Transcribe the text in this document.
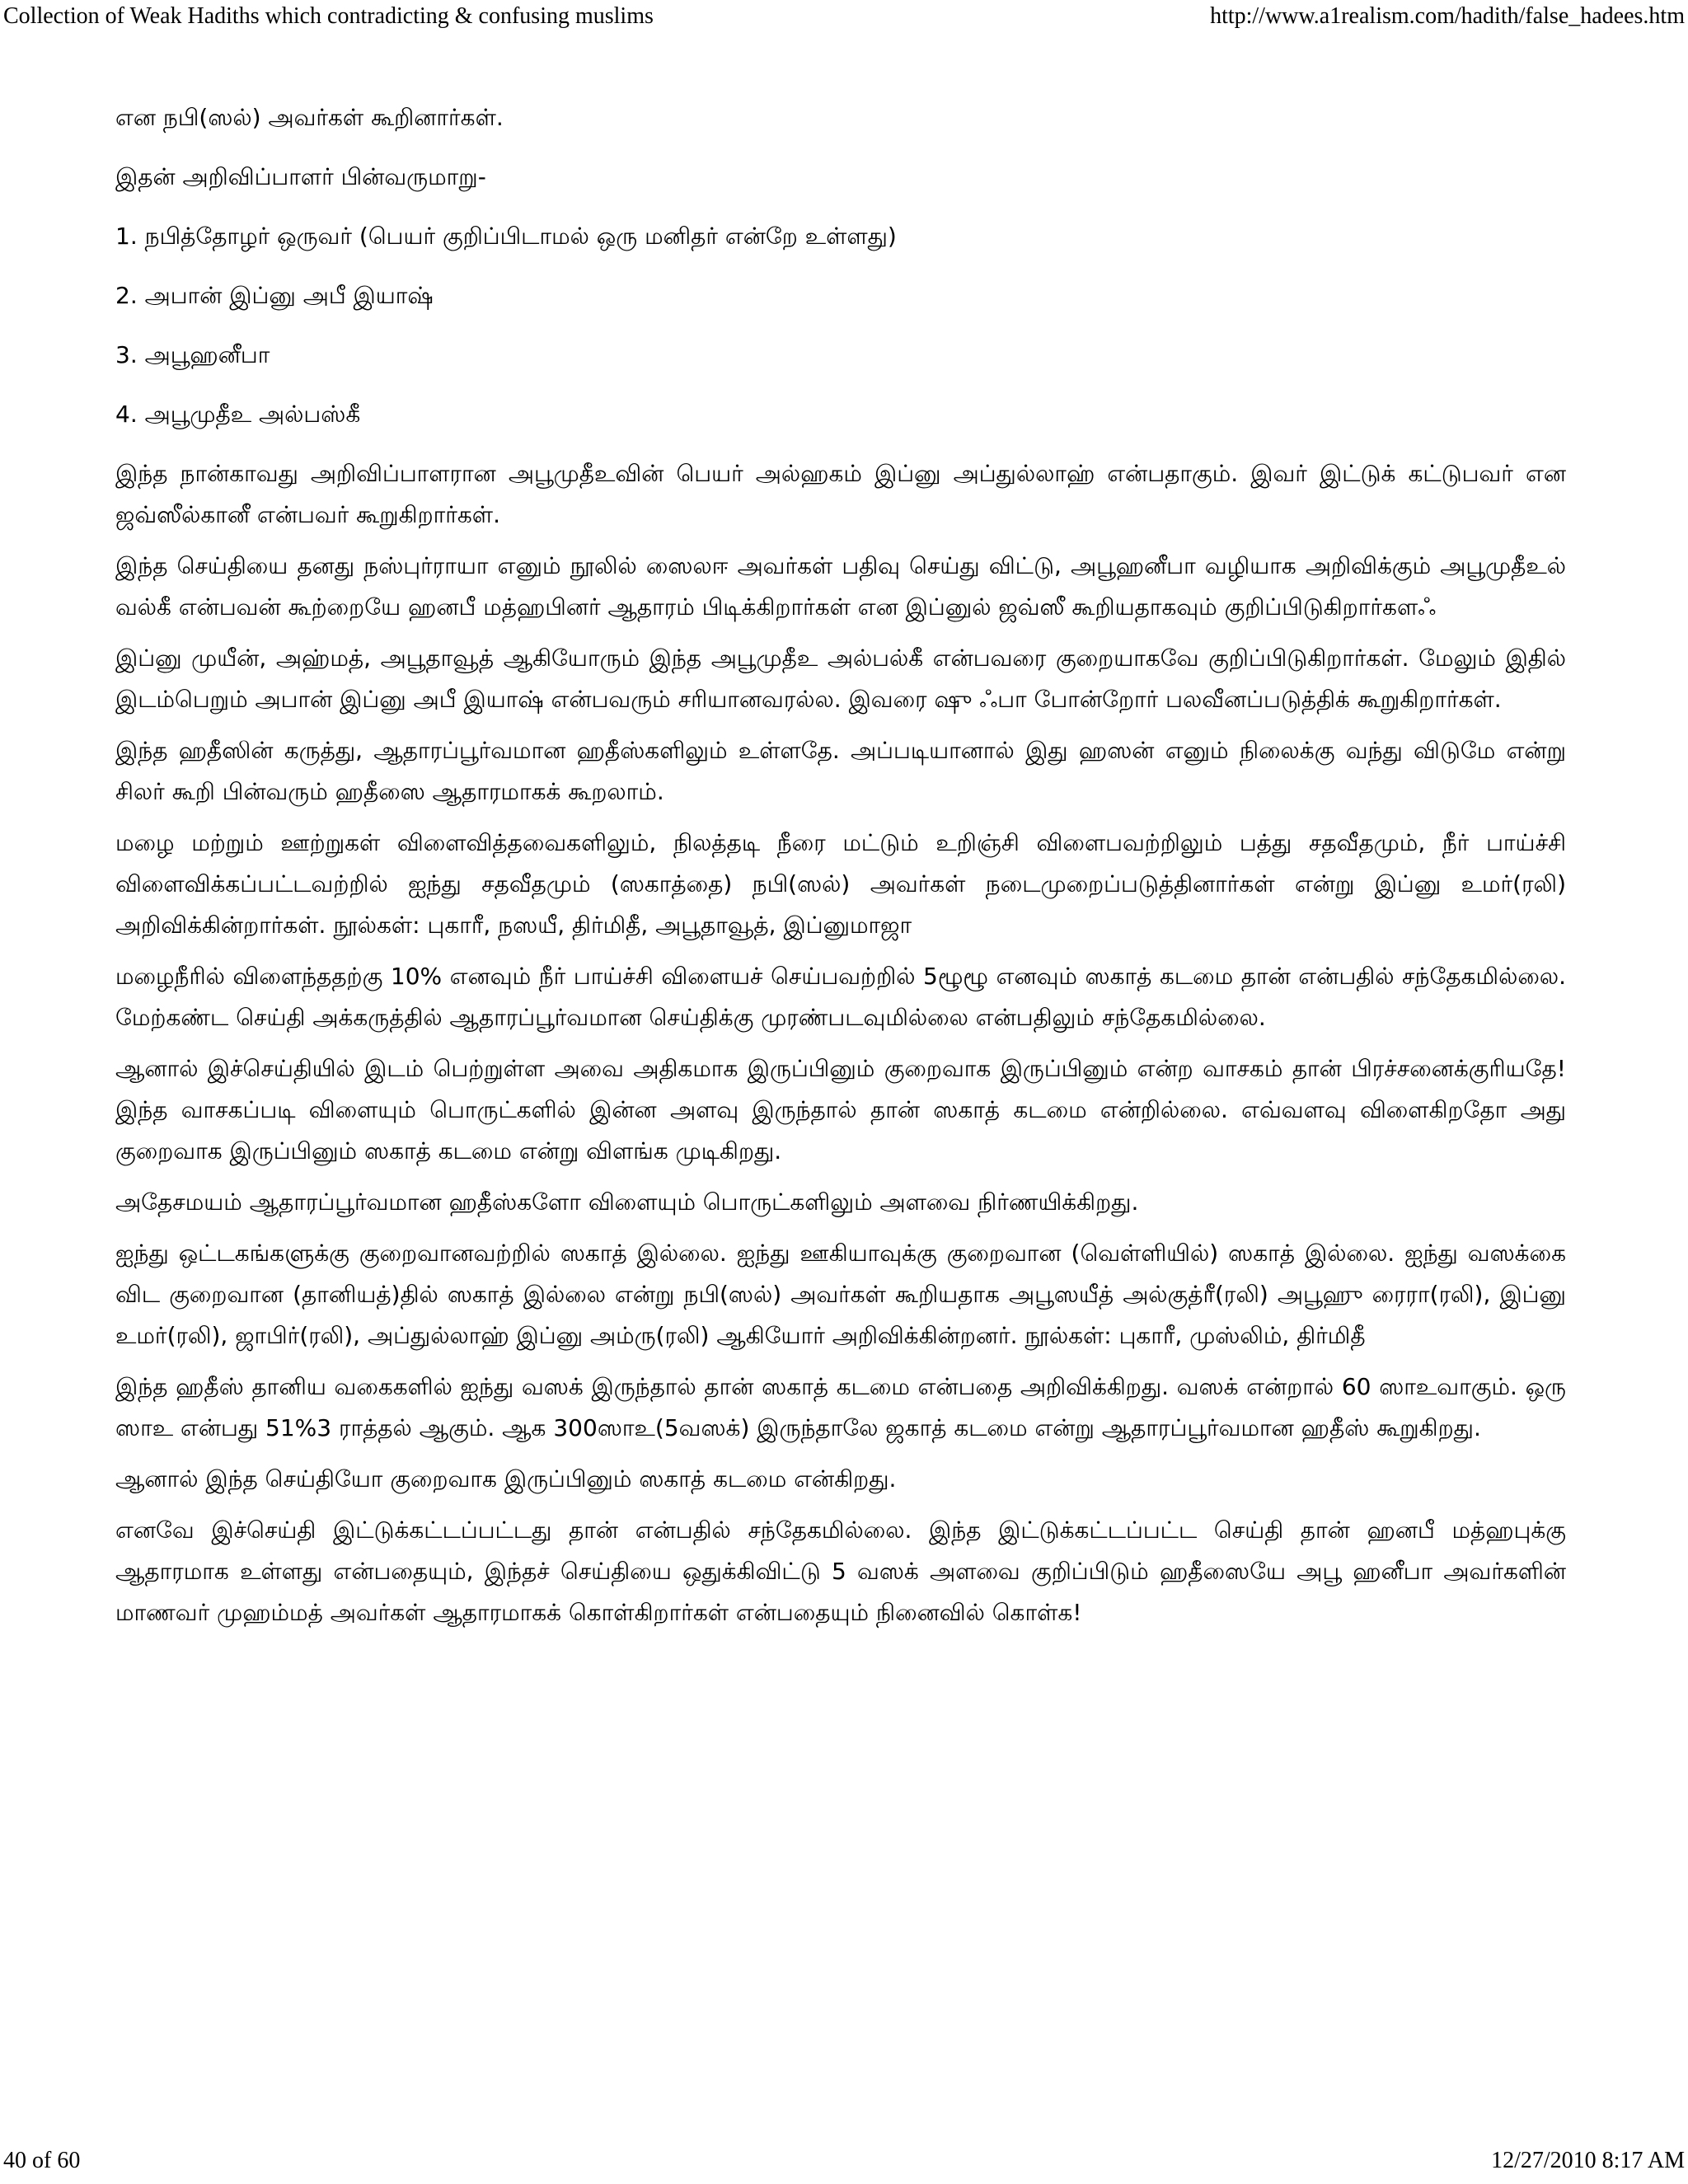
Collection of Weak Hadiths which contradicting & confusing muslims	http://www.a1realism.com/hadith/false_hadees.htm

என நபி(ஸல்) அவர்கள் கூறினார்கள்.

இதன் அறிவிப்பாளர் பின்வருமாறு-

1. நபித்தோழர் ஒருவர் (பெயர் குறிப்பிடாமல் ஒரு மனிதர் என்றே உள்ளது)

2. அபான் இப்னு அபீ இயாஷ்

3. அபூஹனீபா

4. அபூமுதீஉ அல்பஸ்கீ

இந்த நான்காவது அறிவிப்பாளரான அபூமுதீஉவின் பெயர் அல்ஹகம் இப்னு அப்துல்லாஹ் என்பதாகும். இவர் இட்டுக் கட்டுபவர் என ஜவ்ஸீல்கானீ என்பவர் கூறுகிறார்கள்.

இந்த செய்தியை தனது நஸ்புர்ராயா எனும் நூலில் ஸைலஈ அவர்கள் பதிவு செய்து விட்டு, அபூஹனீபா வழியாக அறிவிக்கும் அபூமுதீஉல் வல்கீ என்பவன் கூற்றையே ஹனபீ மத்ஹபினர் ஆதாரம் பிடிக்கிறார்கள் என இப்னுல் ஜவ்ஸீ கூறியதாகவும் குறிப்பிடுகிறார்களஃ

இப்னு முயீன், அஹ்மத், அபூதாவூத் ஆகியோரும் இந்த அபூமுதீஉ அல்பல்கீ என்பவரை குறையாகவே குறிப்பிடுகிறார்கள். மேலும் இதில் இடம்பெறும் அபான் இப்னு அபீ இயாஷ் என்பவரும் சரியானவரல்ல. இவரை ஷு ஃபா போன்றோர் பலவீனப்படுத்திக் கூறுகிறார்கள்.

இந்த ஹதீஸின் கருத்து, ஆதாரப்பூர்வமான ஹதீஸ்களிலும் உள்ளதே. அப்படியானால் இது ஹஸன் எனும் நிலைக்கு வந்து விடுமே என்று சிலர் கூறி பின்வரும் ஹதீஸை ஆதாரமாகக் கூறலாம்.

மழை மற்றும் ஊற்றுகள் விளைவித்தவைகளிலும், நிலத்தடி நீரை மட்டும் உறிஞ்சி விளைபவற்றிலும் பத்து சதவீதமும், நீர் பாய்ச்சி விளைவிக்கப்பட்டவற்றில் ஐந்து சதவீதமும் (ஸகாத்தை) நபி(ஸல்) அவர்கள் நடைமுறைப்படுத்தினார்கள் என்று இப்னு உமர்(ரலி) அறிவிக்கின்றார்கள். நூல்கள்: புகாரீ, நஸயீ, திர்மிதீ, அபூதாவூத், இப்னுமாஜா

மழைநீரில் விளைந்ததற்கு 10% எனவும் நீர் பாய்ச்சி விளையச் செய்பவற்றில் 5ழூழூ எனவும் ஸகாத் கடமை தான் என்பதில் சந்தேகமில்லை. மேற்கண்ட செய்தி அக்கருத்தில் ஆதாரப்பூர்வமான செய்திக்கு முரண்படவுமில்லை என்பதிலும் சந்தேகமில்லை.

ஆனால் இச்செய்தியில் இடம் பெற்றுள்ள அவை அதிகமாக இருப்பினும் குறைவாக இருப்பினும் என்ற வாசகம் தான் பிரச்சனைக்குரியதே! இந்த வாசகப்படி விளையும் பொருட்களில் இன்ன அளவு இருந்தால் தான் ஸகாத் கடமை என்றில்லை. எவ்வளவு விளைகிறதோ அது குறைவாக இருப்பினும் ஸகாத் கடமை என்று விளங்க முடிகிறது.

அதேசமயம் ஆதாரப்பூர்வமான ஹதீஸ்களோ விளையும் பொருட்களிலும் அளவை நிர்ணயிக்கிறது.

ஐந்து ஒட்டகங்களுக்கு குறைவானவற்றில் ஸகாத் இல்லை. ஐந்து ஊகியாவுக்கு குறைவான (வெள்ளியில்) ஸகாத் இல்லை. ஐந்து வஸக்கை விட குறைவான (தானியத்)தில் ஸகாத் இல்லை என்று நபி(ஸல்) அவர்கள் கூறியதாக அபூஸயீத் அல்குத்ரீ(ரலி) அபூஹு ரைரா(ரலி), இப்னு உமர்(ரலி), ஜாபிர்(ரலி), அப்துல்லாஹ் இப்னு அம்ரு(ரலி) ஆகியோர் அறிவிக்கின்றனர். நூல்கள்: புகாரீ, முஸ்லிம், திர்மிதீ

இந்த ஹதீஸ் தானிய வகைகளில் ஐந்து வஸக் இருந்தால் தான் ஸகாத் கடமை என்பதை அறிவிக்கிறது. வஸக் என்றால் 60 ஸாஉவாகும். ஒரு ஸாஉ என்பது 51%3 ராத்தல் ஆகும். ஆக 300ஸாஉ(5வஸக்) இருந்தாலே ஜகாத் கடமை என்று ஆதாரப்பூர்வமான ஹதீஸ் கூறுகிறது.

ஆனால் இந்த செய்தியோ குறைவாக இருப்பினும் ஸகாத் கடமை என்கிறது.

எனவே இச்செய்தி இட்டுக்கட்டப்பட்டது தான் என்பதில் சந்தேகமில்லை. இந்த இட்டுக்கட்டப்பட்ட செய்தி தான் ஹனபீ மத்ஹபுக்கு ஆதாரமாக உள்ளது என்பதையும், இந்தச் செய்தியை ஒதுக்கிவிட்டு 5 வஸக் அளவை குறிப்பிடும் ஹதீஸையே அபூ ஹனீபா அவர்களின் மாணவர் முஹம்மத் அவர்கள் ஆதாரமாகக் கொள்கிறார்கள் என்பதையும் நினைவில் கொள்க!

40 of 60	12/27/2010 8:17 AM
